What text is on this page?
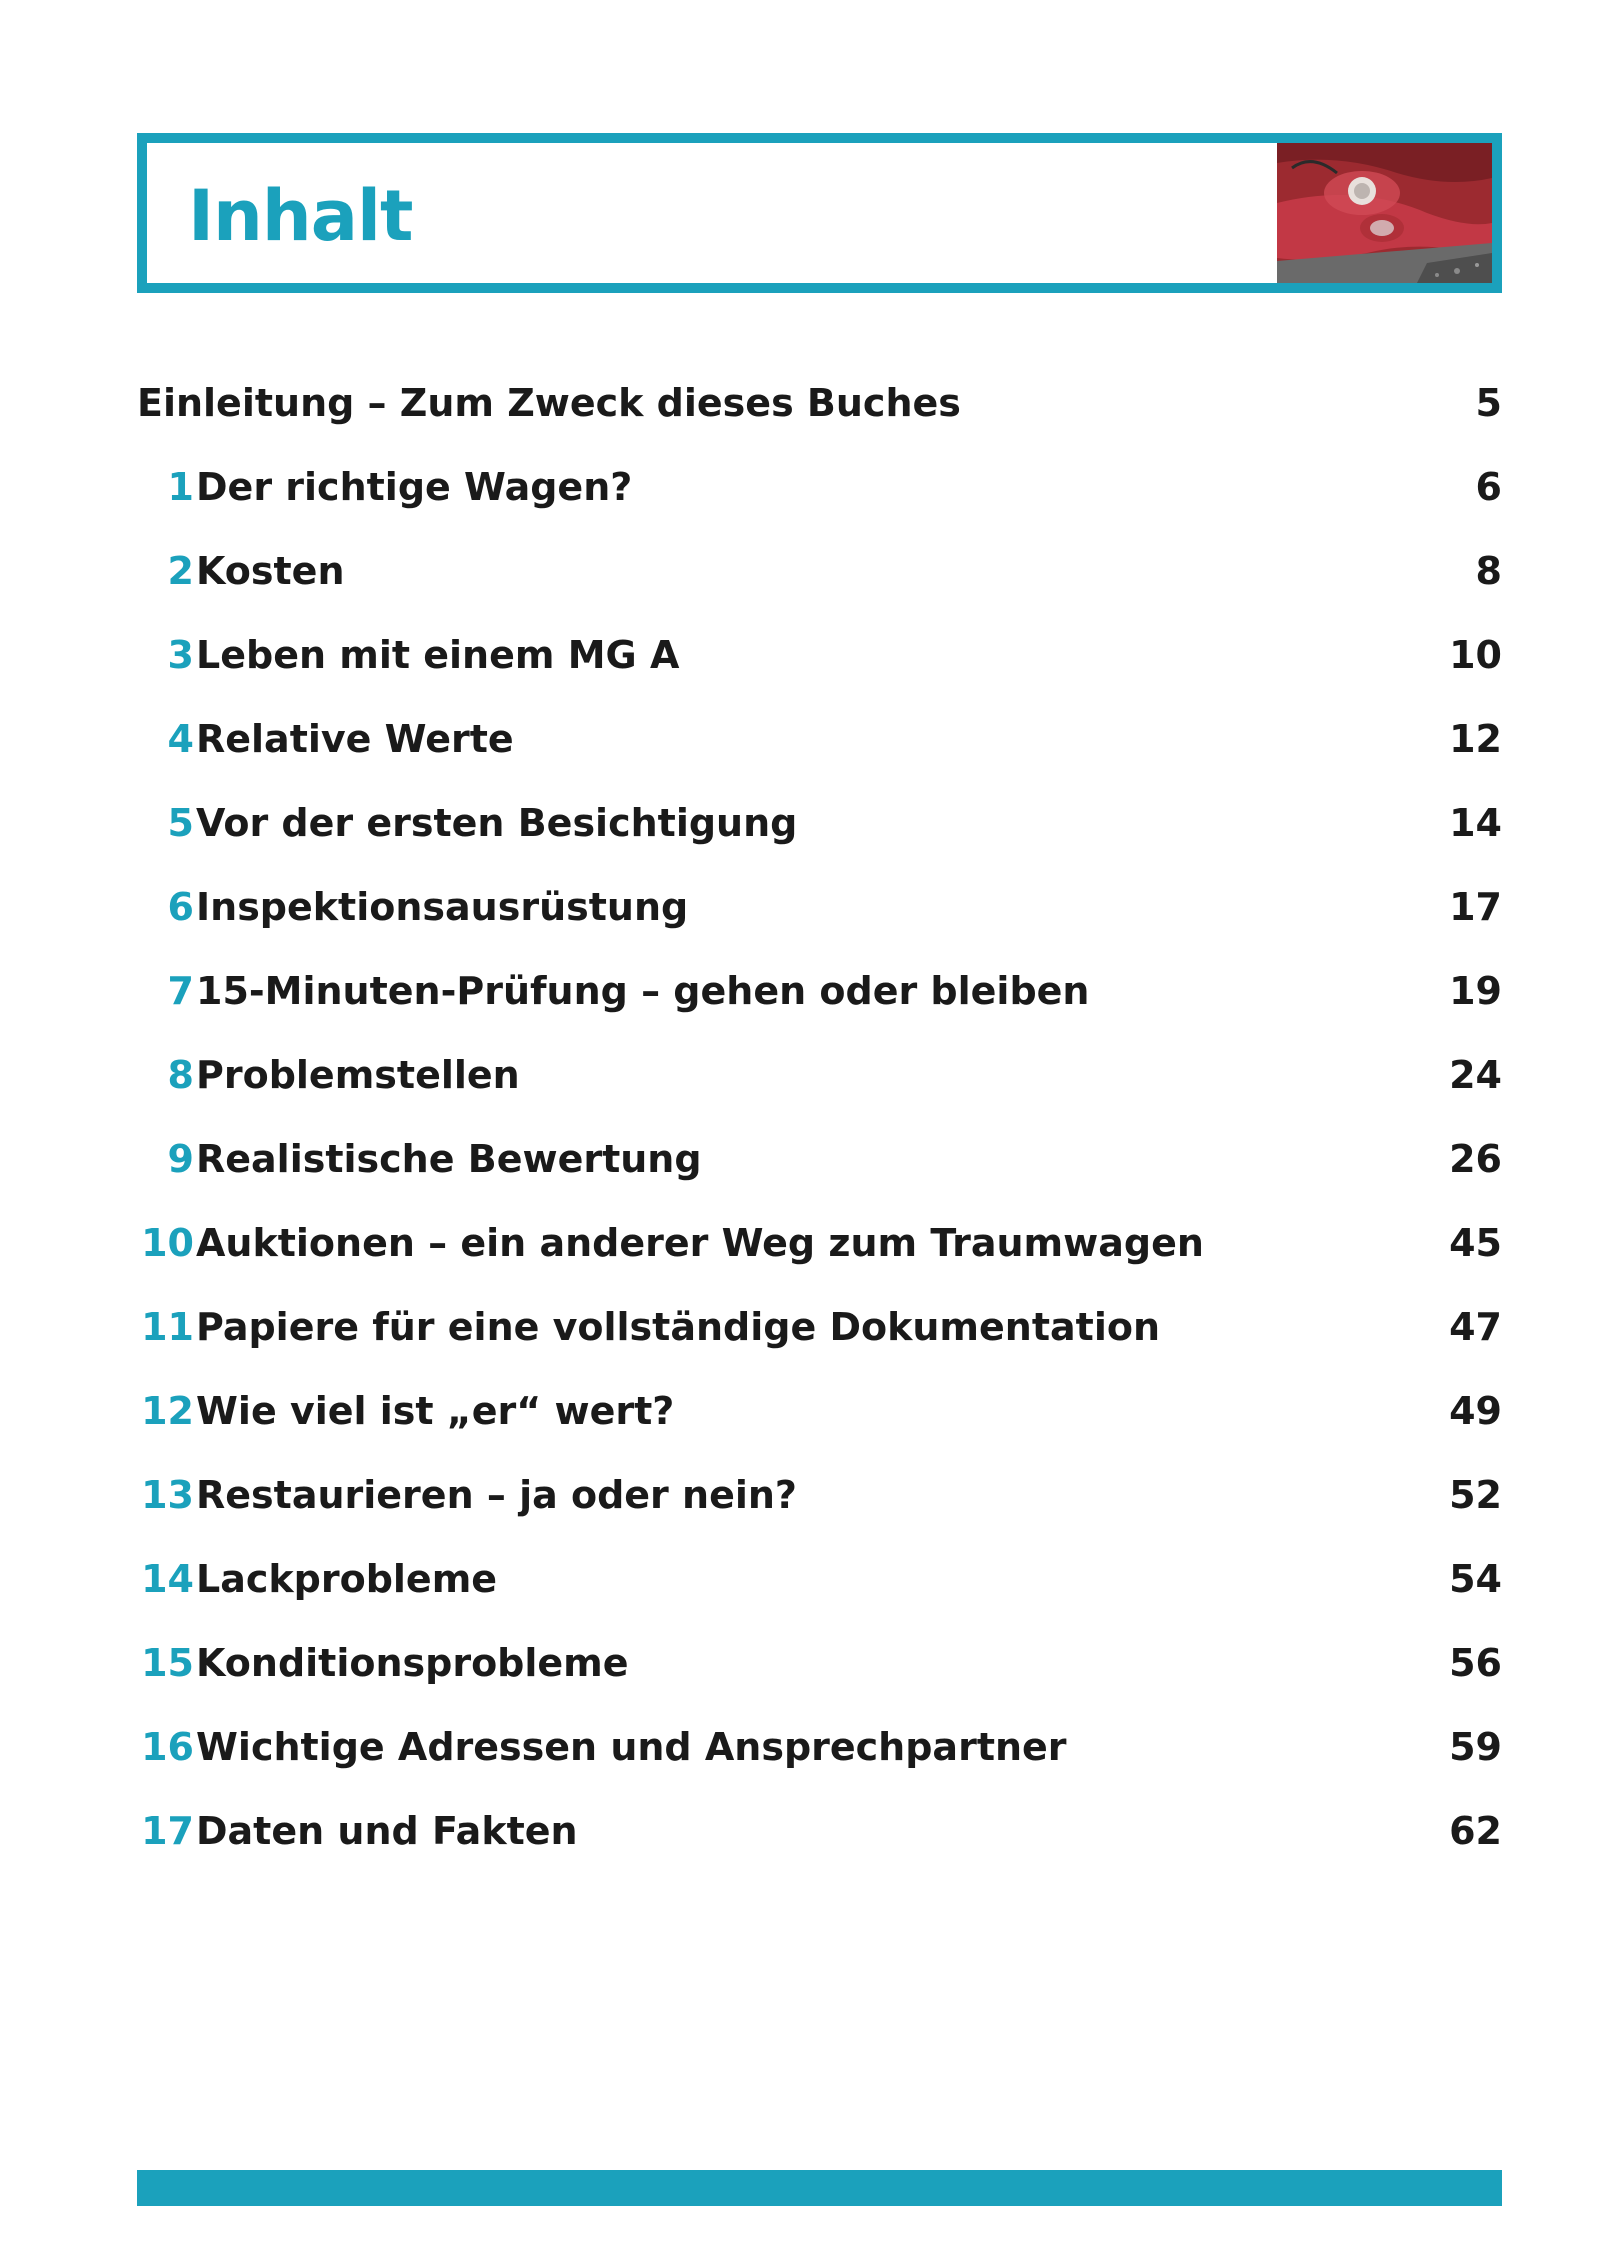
Inhalt
Einleitung – Zum Zweck dieses Buches	5
1 Der richtige Wagen?	6
2 Kosten	8
3 Leben mit einem MG A	10
4 Relative Werte	12
5 Vor der ersten Besichtigung	14
6 Inspektionsausrüstung	17
7 15-Minuten-Prüfung – gehen oder bleiben	19
8 Problemstellen	24
9 Realistische Bewertung	26
10 Auktionen – ein anderer Weg zum Traumwagen	45
11 Papiere für eine vollständige Dokumentation	47
12 Wie viel ist „er“ wert?	49
13 Restaurieren – ja oder nein?	52
14 Lackprobleme	54
15 Konditionsprobleme	56
16 Wichtige Adressen und Ansprechpartner	59
17 Daten und Fakten	62
